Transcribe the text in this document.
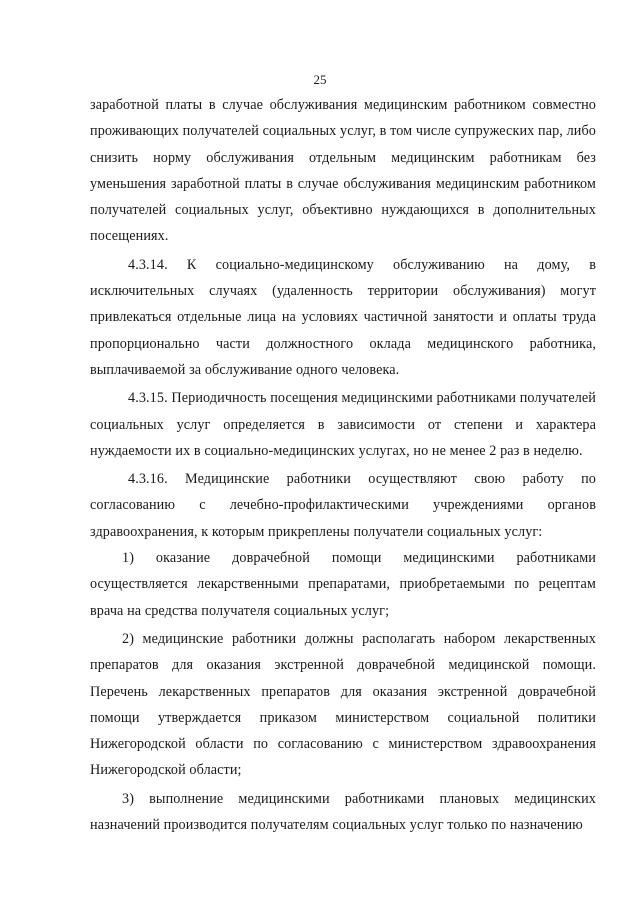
25

заработной платы в случае обслуживания медицинским работником совместно проживающих получателей социальных услуг, в том числе супружеских пар, либо снизить норму обслуживания отдельным медицинским работникам без уменьшения заработной платы в случае обслуживания медицинским работником получателей социальных услуг, объективно нуждающихся в дополнительных посещениях.

4.3.14. К социально-медицинскому обслуживанию на дому, в исключительных случаях (удаленность территории обслуживания) могут привлекаться отдельные лица на условиях частичной занятости и оплаты труда пропорционально части должностного оклада медицинского работника, выплачиваемой за обслуживание одного человека.

4.3.15. Периодичность посещения медицинскими работниками получателей социальных услуг определяется в зависимости от степени и характера нуждаемости их в социально-медицинских услугах, но не менее 2 раз в неделю.

4.3.16. Медицинские работники осуществляют свою работу по согласованию с лечебно-профилактическими учреждениями органов здравоохранения, к которым прикреплены получатели социальных услуг:

1) оказание доврачебной помощи медицинскими работниками осуществляется лекарственными препаратами, приобретаемыми по рецептам врача на средства получателя социальных услуг;

2) медицинские работники должны располагать набором лекарственных препаратов для оказания экстренной доврачебной медицинской помощи. Перечень лекарственных препаратов для оказания экстренной доврачебной помощи утверждается приказом министерством социальной политики Нижегородской области по согласованию с министерством здравоохранения Нижегородской области;

3) выполнение медицинскими работниками плановых медицинских назначений производится получателям социальных услуг только по назначению
